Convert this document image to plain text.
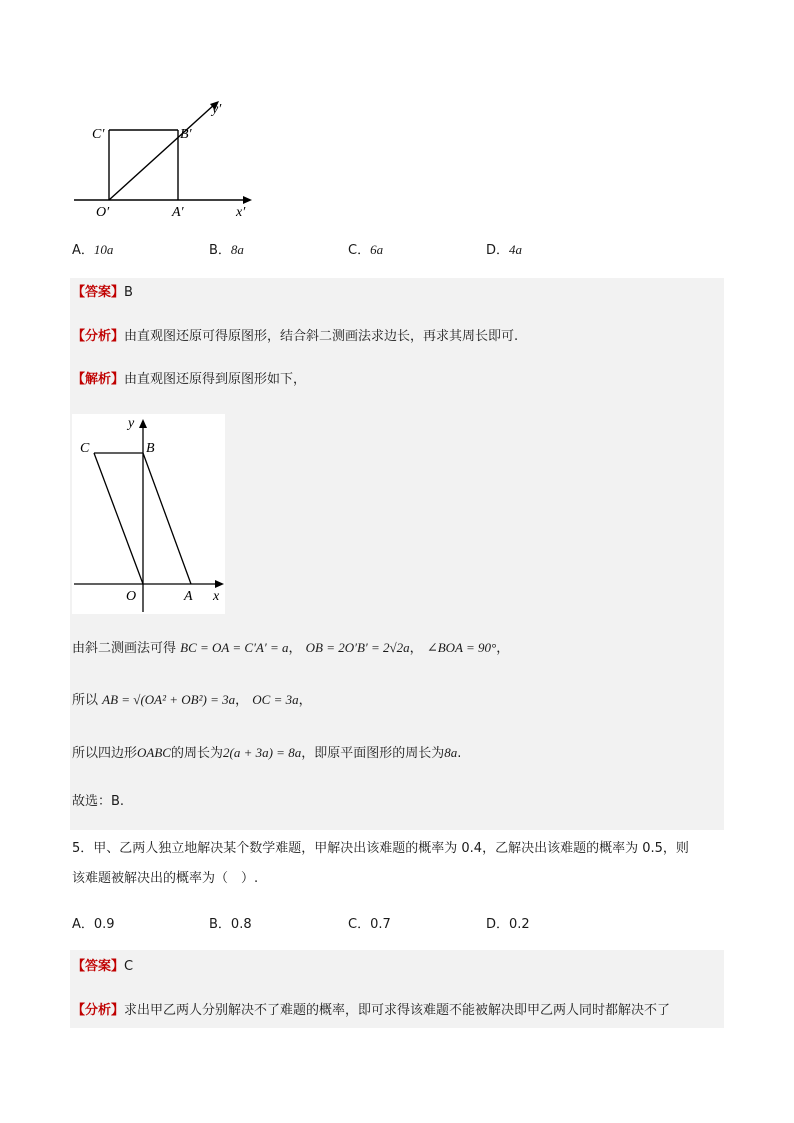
y′
x′
O′	A′
B′
C′
A．10a	B．8a	C．6a	D．4a
【答案】B
【分析】由直观图还原可得原图形，结合斜二测画法求边长，再求其周长即可.
【解析】由直观图还原得到原图形如下，
y
x
O	A
B
C
由斜二测画法可得 BC = OA = C′A′ = a， OB = 2O′B′ = 2√2a， ∠BOA = 90°，
所以 AB = √(OA² + OB²) = 3a， OC = 3a，
所以四边形OABC的周长为2(a + 3a) = 8a，即原平面图形的周长为8a.
故选：B.
5．甲、乙两人独立地解决某个数学难题，甲解决出该难题的概率为 0.4，乙解决出该难题的概率为 0.5，则
该难题被解决出的概率为（　）.
A．0.9	B．0.8	C．0.7	D．0.2
【答案】C
【分析】求出甲乙两人分别解决不了难题的概率，即可求得该难题不能被解决即甲乙两人同时都解决不了
